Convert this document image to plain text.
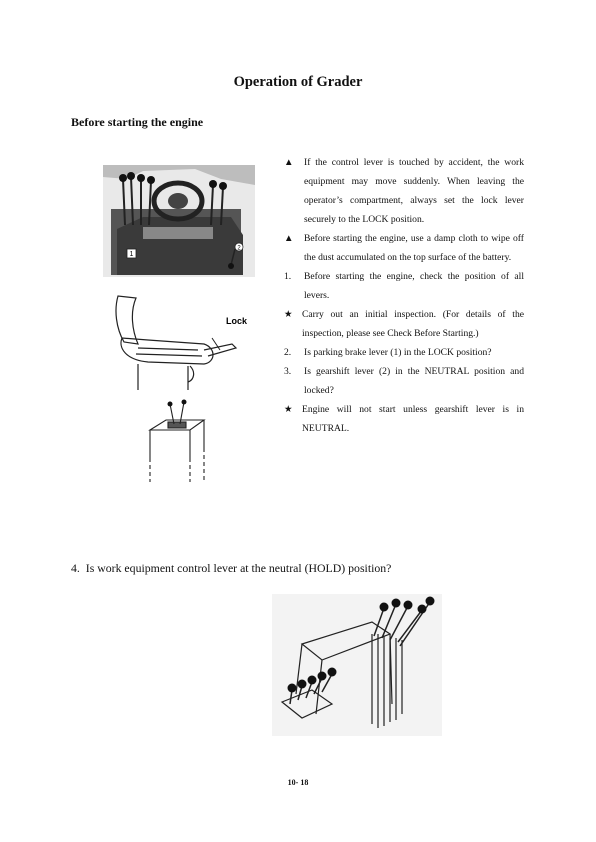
Operation of Grader
Before starting the engine
1
2
Lock
▲	If the control lever is touched by accident, the work equipment may move suddenly. When leaving the operator’s compartment, always set the lock lever securely to the LOCK position.
▲	Before starting the engine, use a damp cloth to wipe off the dust accumulated on the top surface of the battery.
1.	Before starting the engine, check the position of all levers.
★ Carry out an initial inspection. (For details of the inspection, please see Check Before Starting.)
2.	Is parking brake lever (1) in the LOCK position?
3.	Is gearshift lever (2) in the NEUTRAL position and locked?
★ Engine will not start unless gearshift lever is in NEUTRAL.
4. Is work equipment control lever at the neutral (HOLD) position?
10- 18
